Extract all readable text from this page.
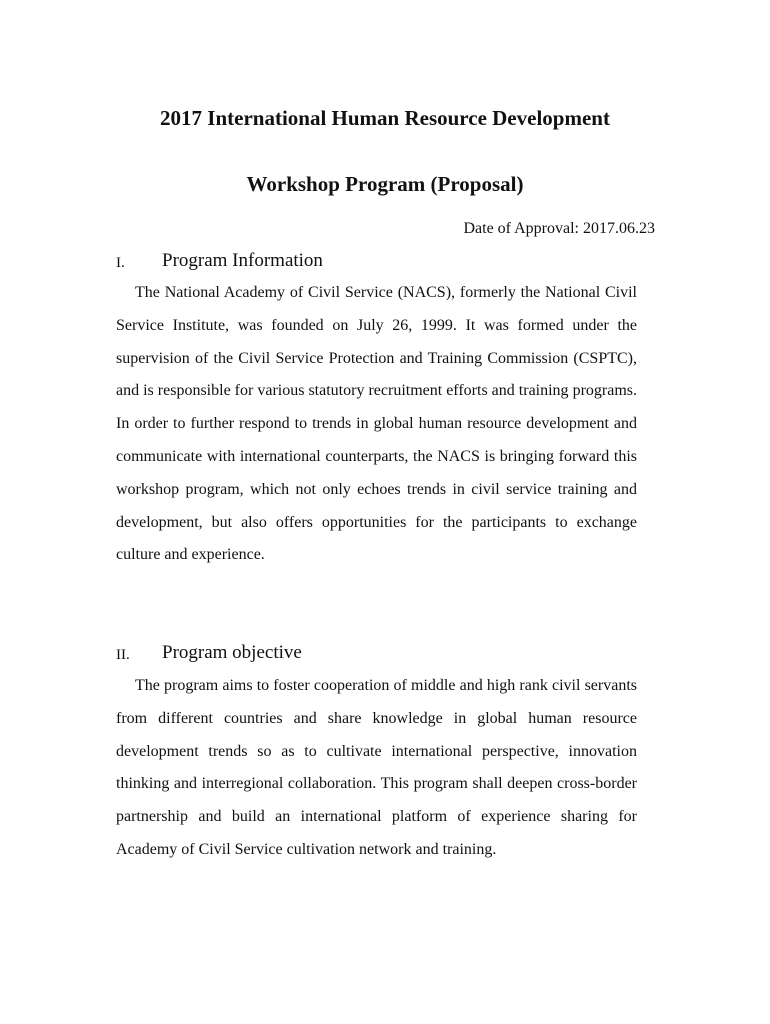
2017 International Human Resource Development
Workshop Program (Proposal)

Date of Approval: 2017.06.23

I. Program Information

The National Academy of Civil Service (NACS), formerly the National Civil Service Institute, was founded on July 26, 1999. It was formed under the supervision of the Civil Service Protection and Training Commission (CSPTC), and is responsible for various statutory recruitment efforts and training programs. In order to further respond to trends in global human resource development and communicate with international counterparts, the NACS is bringing forward this workshop program, which not only echoes trends in civil service training and development, but also offers opportunities for the participants to exchange culture and experience.

II. Program objective

The program aims to foster cooperation of middle and high rank civil servants from different countries and share knowledge in global human resource development trends so as to cultivate international perspective, innovation thinking and interregional collaboration. This program shall deepen cross-border partnership and build an international platform of experience sharing for Academy of Civil Service cultivation network and training.
